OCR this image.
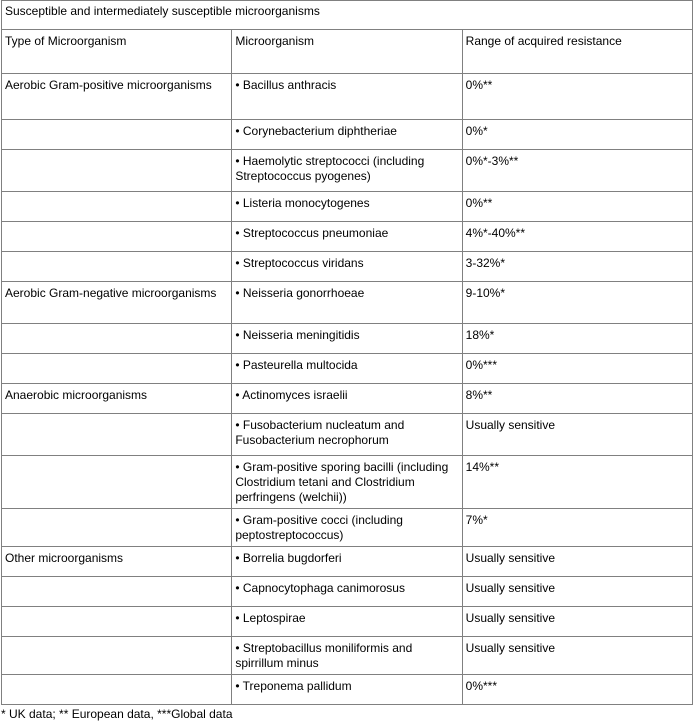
Susceptible and intermediately susceptible microorganisms		
Type of Microorganism	Microorganism	Range of acquired resistance
Aerobic Gram-positive microorganisms	• Bacillus anthracis	0%**
	• Corynebacterium diphtheriae	0%*
	• Haemolytic streptococci (including Streptococcus pyogenes)	0%*-3%**
	• Listeria monocytogenes	0%**
	• Streptococcus pneumoniae	4%*-40%**
	• Streptococcus viridans	3-32%*
Aerobic Gram-negative microorganisms	• Neisseria gonorrhoeae	9-10%*
	• Neisseria meningitidis	18%*
	• Pasteurella multocida	0%***
Anaerobic microorganisms	• Actinomyces israelii	8%**
	• Fusobacterium nucleatum and Fusobacterium necrophorum	Usually sensitive
	• Gram-positive sporing bacilli (including Clostridium tetani and Clostridium perfringens (welchii))	14%**
	• Gram-positive cocci (including peptostreptococcus)	7%*
Other microorganisms	• Borrelia bugdorferi	Usually sensitive
	• Capnocytophaga canimorosus	Usually sensitive
	• Leptospirae	Usually sensitive
	• Streptobacillus moniliformis and spirrillum minus	Usually sensitive
	• Treponema pallidum	0%***
* UK data; ** European data, ***Global data
